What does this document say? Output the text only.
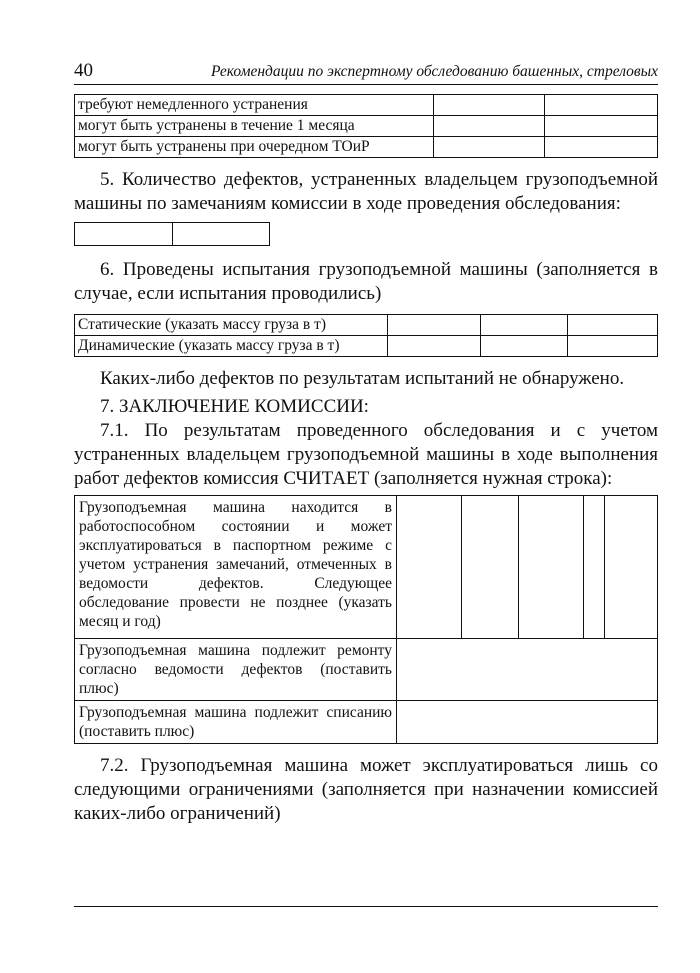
40	Рекомендации по экспертному обследованию башенных, стреловых
требуют немедленного устранения		
могут быть устранены в течение 1 месяца		
могут быть устранены при очередном ТОиР		

5. Количество дефектов, устраненных владельцем грузоподъемной машины по замечаниям комиссии в ходе проведения обследования:

6. Проведены испытания грузоподъемной машины (заполняется в случае, если испытания проводились)

Статические (указать массу груза в т)			
Динамические (указать массу груза в т)			

Каких-либо дефектов по результатам испытаний не обнаружено.

7. ЗАКЛЮЧЕНИЕ КОМИССИИ:

7.1. По результатам проведенного обследования и с учетом устраненных владельцем грузоподъемной машины в ходе выполнения работ дефектов комиссия СЧИТАЕТ (заполняется нужная строка):

Грузоподъемная машина находится в работоспособном состоянии и может эксплуатироваться в паспортном режиме с учетом устранения замечаний, отмеченных в ведомости дефектов. Следующее обследование провести не позднее (указать месяц и год)					
Грузоподъемная машина подлежит ремонту согласно ведомости дефектов (поставить плюс)					
Грузоподъемная машина подлежит списанию (поставить плюс)					

7.2. Грузоподъемная машина может эксплуатироваться лишь со следующими ограничениями (заполняется при назначении комиссией каких-либо ограничений)
